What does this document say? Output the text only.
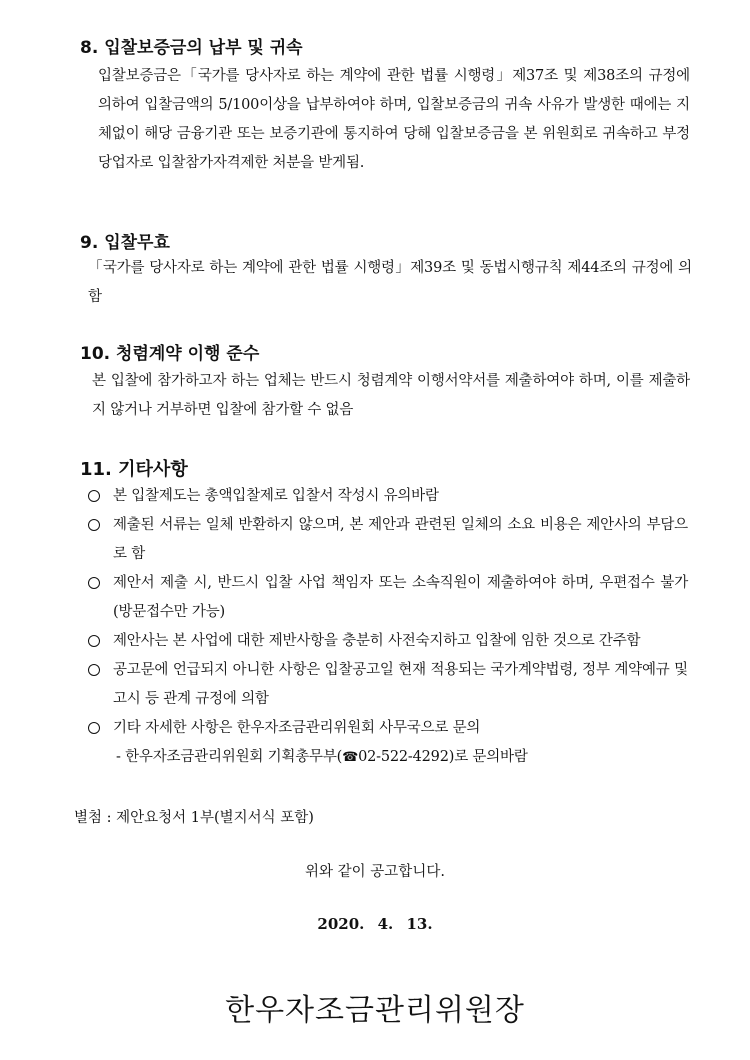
8. 입찰보증금의 납부 및 귀속

입찰보증금은「국가를 당사자로 하는 계약에 관한 법률 시행령」제37조 및 제38조의 규정에 의하여 입찰금액의 5/100이상을 납부하여야 하며, 입찰보증금의 귀속 사유가 발생한 때에는 지체없이 해당 금융기관 또는 보증기관에 통지하여 당해 입찰보증금을 본 위원회로 귀속하고 부정당업자로 입찰참가자격제한 처분을 받게됨.

9. 입찰무효

「국가를 당사자로 하는 계약에 관한 법률 시행령」제39조 및 동법시행규칙 제44조의 규정에 의함

10. 청렴계약 이행 준수

본 입찰에 참가하고자 하는 업체는 반드시 청렴계약 이행서약서를 제출하여야 하며, 이를 제출하지 않거나 거부하면 입찰에 참가할 수 없음

11. 기타사항
본 입찰제도는 총액입찰제로 입찰서 작성시 유의바람
제출된 서류는 일체 반환하지 않으며, 본 제안과 관련된 일체의 소요 비용은 제안사의 부담으로 함
제안서 제출 시, 반드시 입찰 사업 책임자 또는 소속직원이 제출하여야 하며, 우편접수 불가(방문접수만 가능)
제안사는 본 사업에 대한 제반사항을 충분히 사전숙지하고 입찰에 임한 것으로 간주함
공고문에 언급되지 아니한 사항은 입찰공고일 현재 적용되는 국가계약법령, 정부 계약예규 및 고시 등 관계 규정에 의함
기타 자세한 사항은 한우자조금관리위원회 사무국으로 문의
- 한우자조금관리위원회 기획총무부(☎02-522-4292)로 문의바람
별첨 : 제안요청서 1부(별지서식 포함)
위와 같이 공고합니다.
2020. 4. 13.
한우자조금관리위원장
